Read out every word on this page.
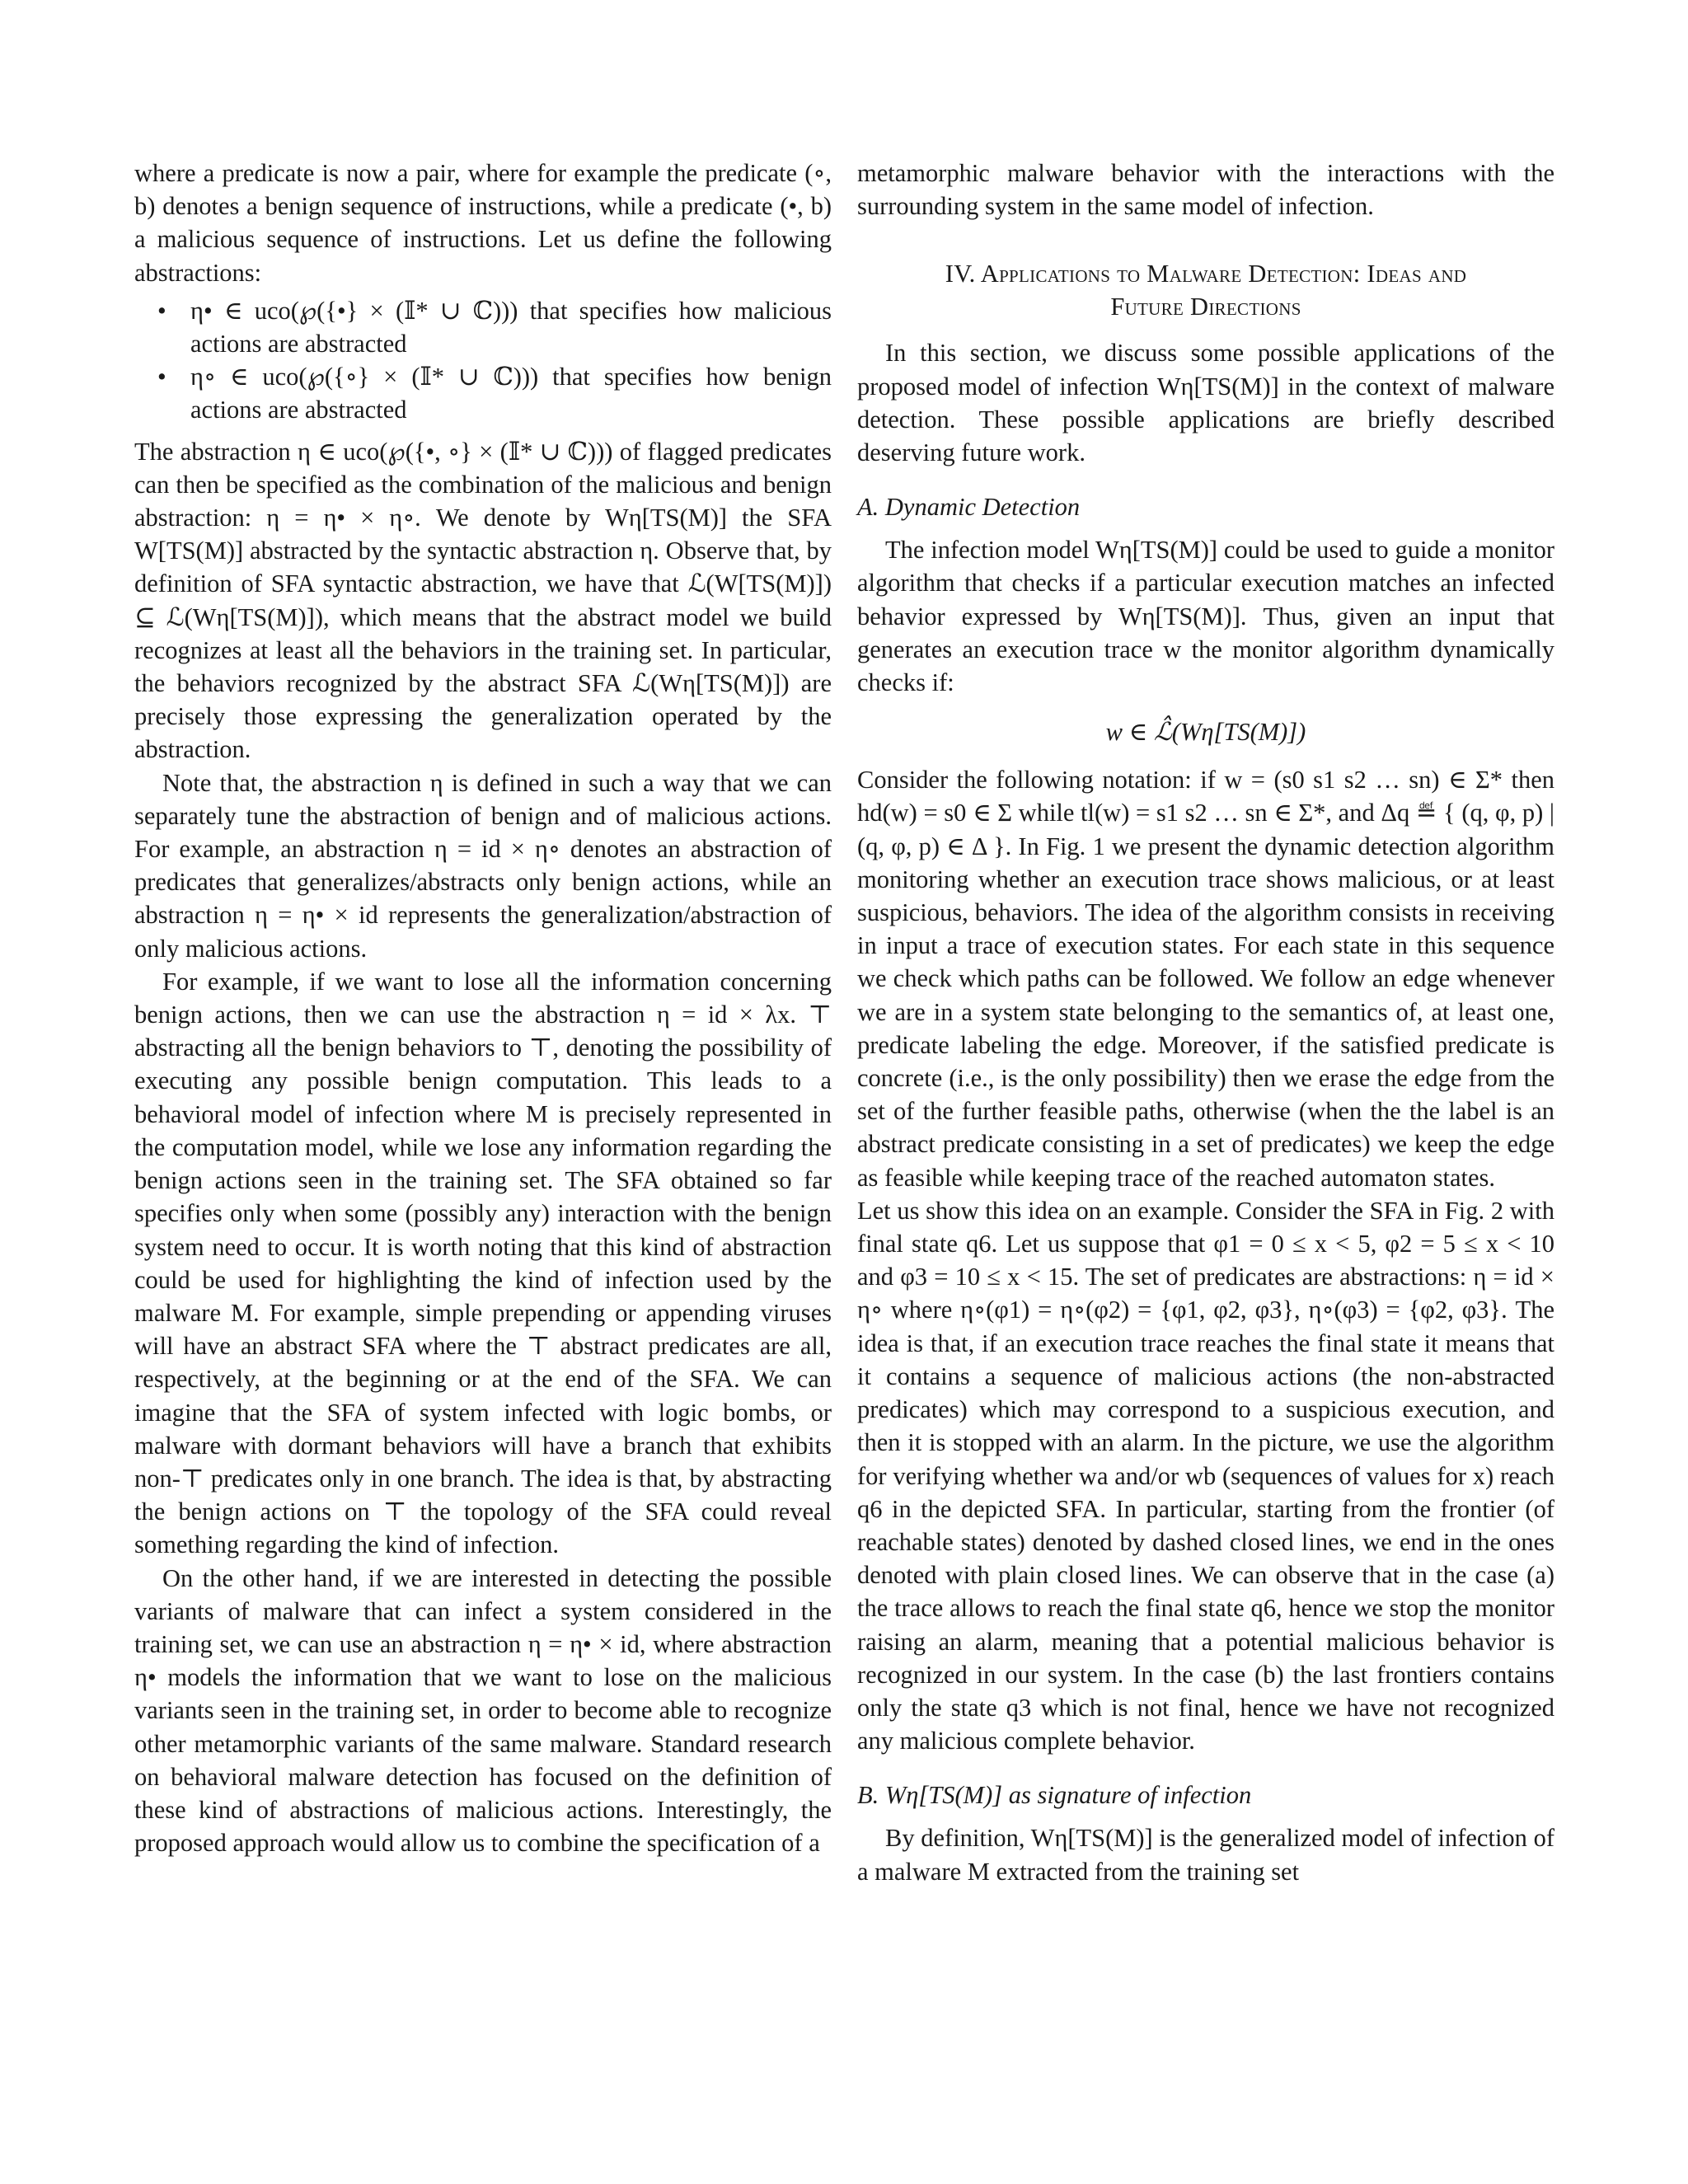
where a predicate is now a pair, where for example the predicate (∘, b) denotes a benign sequence of instructions, while a predicate (•, b) a malicious sequence of instructions. Let us define the following abstractions:

• η• ∈ uco(℘({•} × (𝕀* ∪ ℂ))) that specifies how malicious actions are abstracted
• η∘ ∈ uco(℘({∘} × (𝕀* ∪ ℂ))) that specifies how benign actions are abstracted

The abstraction η ∈ uco(℘({•, ∘} × (𝕀* ∪ ℂ))) of flagged predicates can then be specified as the combination of the malicious and benign abstraction: η = η• × η∘. We denote by Wη[TS(M)] the SFA W[TS(M)] abstracted by the syntactic abstraction η. Observe that, by definition of SFA syntactic abstraction, we have that ℒ(W[TS(M)]) ⊆ ℒ(Wη[TS(M)]), which means that the abstract model we build recognizes at least all the behaviors in the training set. In particular, the behaviors recognized by the abstract SFA ℒ(Wη[TS(M)]) are precisely those expressing the generalization operated by the abstraction.

Note that, the abstraction η is defined in such a way that we can separately tune the abstraction of benign and of malicious actions. For example, an abstraction η = id × η∘ denotes an abstraction of predicates that generalizes/abstracts only benign actions, while an abstraction η = η• × id represents the generalization/abstraction of only malicious actions.

For example, if we want to lose all the information concerning benign actions, then we can use the abstraction η = id × λx. ⊤ abstracting all the benign behaviors to ⊤, denoting the possibility of executing any possible benign computation. This leads to a behavioral model of infection where M is precisely represented in the computation model, while we lose any information regarding the benign actions seen in the training set. The SFA obtained so far specifies only when some (possibly any) interaction with the benign system need to occur. It is worth noting that this kind of abstraction could be used for highlighting the kind of infection used by the malware M. For example, simple prepending or appending viruses will have an abstract SFA where the ⊤ abstract predicates are all, respectively, at the beginning or at the end of the SFA. We can imagine that the SFA of system infected with logic bombs, or malware with dormant behaviors will have a branch that exhibits non-⊤ predicates only in one branch. The idea is that, by abstracting the benign actions on ⊤ the topology of the SFA could reveal something regarding the kind of infection.

On the other hand, if we are interested in detecting the possible variants of malware that can infect a system considered in the training set, we can use an abstraction η = η• × id, where abstraction η• models the information that we want to lose on the malicious variants seen in the training set, in order to become able to recognize other metamorphic variants of the same malware. Standard research on behavioral malware detection has focused on the definition of these kind of abstractions of malicious actions. Interestingly, the proposed approach would allow us to combine the specification of a

metamorphic malware behavior with the interactions with the surrounding system in the same model of infection.

IV. Applications to Malware Detection: Ideas and
Future Directions

In this section, we discuss some possible applications of the proposed model of infection Wη[TS(M)] in the context of malware detection. These possible applications are briefly described deserving future work.

A. Dynamic Detection

The infection model Wη[TS(M)] could be used to guide a monitor algorithm that checks if a particular execution matches an infected behavior expressed by Wη[TS(M)]. Thus, given an input that generates an execution trace w the monitor algorithm dynamically checks if:

w ∈ ℒ̂(Wη[TS(M)])

Consider the following notation: if w = (s0 s1 s2 … sn) ∈ Σ* then hd(w) = s0 ∈ Σ while tl(w) = s1 s2 … sn ∈ Σ*, and Δq ≝ { (q, φ, p) | (q, φ, p) ∈ Δ }. In Fig. 1 we present the dynamic detection algorithm monitoring whether an execution trace shows malicious, or at least suspicious, behaviors. The idea of the algorithm consists in receiving in input a trace of execution states. For each state in this sequence we check which paths can be followed. We follow an edge whenever we are in a system state belonging to the semantics of, at least one, predicate labeling the edge. Moreover, if the satisfied predicate is concrete (i.e., is the only possibility) then we erase the edge from the set of the further feasible paths, otherwise (when the the label is an abstract predicate consisting in a set of predicates) we keep the edge as feasible while keeping trace of the reached automaton states.

Let us show this idea on an example. Consider the SFA in Fig. 2 with final state q6. Let us suppose that φ1 = 0 ≤ x < 5, φ2 = 5 ≤ x < 10 and φ3 = 10 ≤ x < 15. The set of predicates are abstractions: η = id × η∘ where η∘(φ1) = η∘(φ2) = {φ1, φ2, φ3}, η∘(φ3) = {φ2, φ3}. The idea is that, if an execution trace reaches the final state it means that it contains a sequence of malicious actions (the non-abstracted predicates) which may correspond to a suspicious execution, and then it is stopped with an alarm. In the picture, we use the algorithm for verifying whether wa and/or wb (sequences of values for x) reach q6 in the depicted SFA. In particular, starting from the frontier (of reachable states) denoted by dashed closed lines, we end in the ones denoted with plain closed lines. We can observe that in the case (a) the trace allows to reach the final state q6, hence we stop the monitor raising an alarm, meaning that a potential malicious behavior is recognized in our system. In the case (b) the last frontiers contains only the state q3 which is not final, hence we have not recognized any malicious complete behavior.

B. Wη[TS(M)] as signature of infection

By definition, Wη[TS(M)] is the generalized model of infection of a malware M extracted from the training set
